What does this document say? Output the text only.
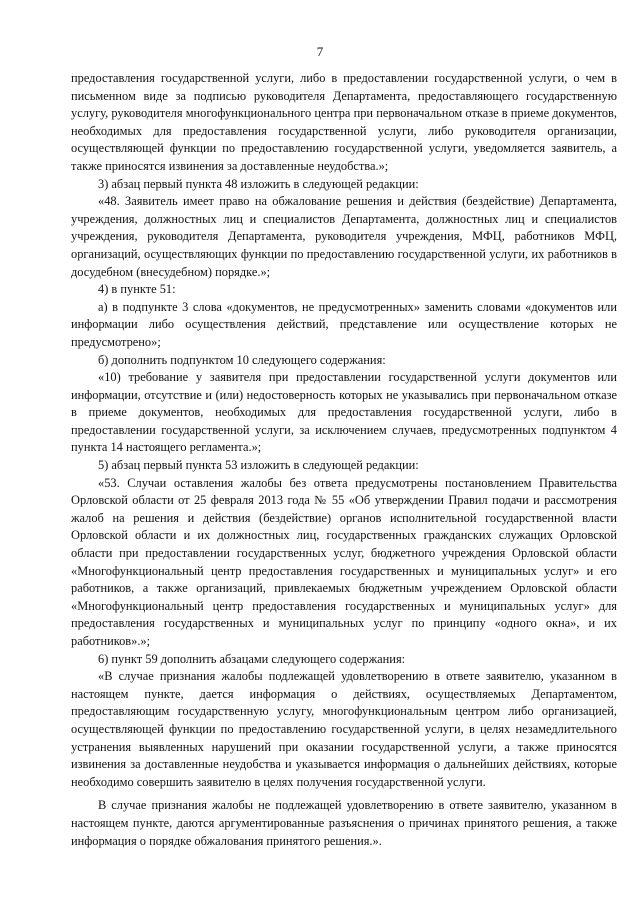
7

предоставления государственной услуги, либо в предоставлении государственной услуги, о чем в письменном виде за подписью руководителя Департамента, предоставляющего государственную услугу, руководителя многофункционального центра при первоначальном отказе в приеме документов, необходимых для предоставления государственной услуги, либо руководителя организации, осуществляющей функции по предоставлению государственной услуги, уведомляется заявитель, а также приносятся извинения за доставленные неудобства.»;

3) абзац первый пункта 48 изложить в следующей редакции:

«48. Заявитель имеет право на обжалование решения и действия (бездействие) Департамента, учреждения, должностных лиц и специалистов Департамента, должностных лиц и специалистов учреждения, руководителя Департамента, руководителя учреждения, МФЦ, работников МФЦ, организаций, осуществляющих функции по предоставлению государственной услуги, их работников в досудебном (внесудебном) порядке.»;

4) в пункте 51:

а) в подпункте 3 слова «документов, не предусмотренных» заменить словами «документов или информации либо осуществления действий, представление или осуществление которых не предусмотрено»;

б) дополнить подпунктом 10 следующего содержания:

«10) требование у заявителя при предоставлении государственной услуги документов или информации, отсутствие и (или) недостоверность которых не указывались при первоначальном отказе в приеме документов, необходимых для предоставления государственной услуги, либо в предоставлении государственной услуги, за исключением случаев, предусмотренных подпунктом 4 пункта 14 настоящего регламента.»;

5) абзац первый пункта 53 изложить в следующей редакции:

«53. Случаи оставления жалобы без ответа предусмотрены постановлением Правительства Орловской области от 25 февраля 2013 года № 55 «Об утверждении Правил подачи и рассмотрения жалоб на решения и действия (бездействие) органов исполнительной государственной власти Орловской области и их должностных лиц, государственных гражданских служащих Орловской области при предоставлении государственных услуг, бюджетного учреждения Орловской области «Многофункциональный центр предоставления государственных и муниципальных услуг» и его работников, а также организаций, привлекаемых бюджетным учреждением Орловской области «Многофункциональный центр предоставления государственных и муниципальных услуг» для предоставления государственных и муниципальных услуг по принципу «одного окна», и их работников».»;

6) пункт 59 дополнить абзацами следующего содержания:

«В случае признания жалобы подлежащей удовлетворению в ответе заявителю, указанном в настоящем пункте, дается информация о действиях, осуществляемых Департаментом, предоставляющим государственную услугу, многофункциональным центром либо организацией, осуществляющей функции по предоставлению государственной услуги, в целях незамедлительного устранения выявленных нарушений при оказании государственной услуги, а также приносятся извинения за доставленные неудобства и указывается информация о дальнейших действиях, которые необходимо совершить заявителю в целях получения государственной услуги.

В случае признания жалобы не подлежащей удовлетворению в ответе заявителю, указанном в настоящем пункте, даются аргументированные разъяснения о причинах принятого решения, а также информация о порядке обжалования принятого решения.».
